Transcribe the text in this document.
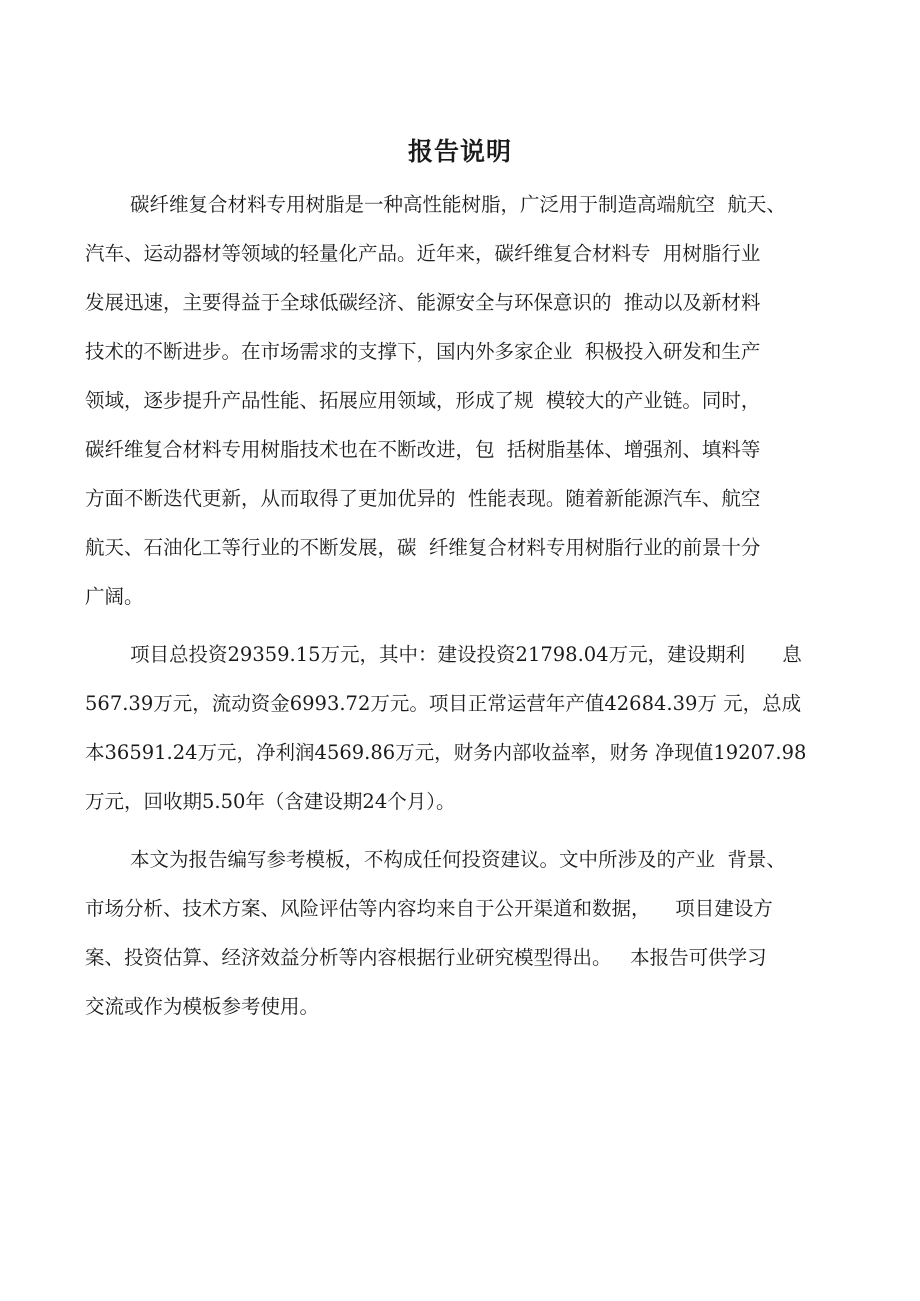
报告说明

碳纤维复合材料专用树脂是一种高性能树脂，广泛用于制造高端航空  航天、

汽车、运动器材等领域的轻量化产品。近年来，碳纤维复合材料专  用树脂行业

发展迅速，主要得益于全球低碳经济、能源安全与环保意识的  推动以及新材料

技术的不断进步。在市场需求的支撑下，国内外多家企业  积极投入研发和生产

领域，逐步提升产品性能、拓展应用领域，形成了规  模较大的产业链。同时，

碳纤维复合材料专用树脂技术也在不断改进，包  括树脂基体、增强剂、填料等

方面不断迭代更新，从而取得了更加优异的  性能表现。随着新能源汽车、航空

航天、石油化工等行业的不断发展，碳  纤维复合材料专用树脂行业的前景十分

广阔。

项目总投资29359.15万元，其中：建设投资21798.04万元，建设期利      息

567.39万元，流动资金6993.72万元。项目正常运营年产值42684.39万 元，总成

本36591.24万元，净利润4569.86万元，财务内部收益率，财务 净现值19207.98

万元，回收期5.50年（含建设期24个月）。

本文为报告编写参考模板，不构成任何投资建议。文中所涉及的产业  背景、

市场分析、技术方案、风险评估等内容均来自于公开渠道和数据，    项目建设方

案、投资估算、经济效益分析等内容根据行业研究模型得出。   本报告可供学习

交流或作为模板参考使用。
